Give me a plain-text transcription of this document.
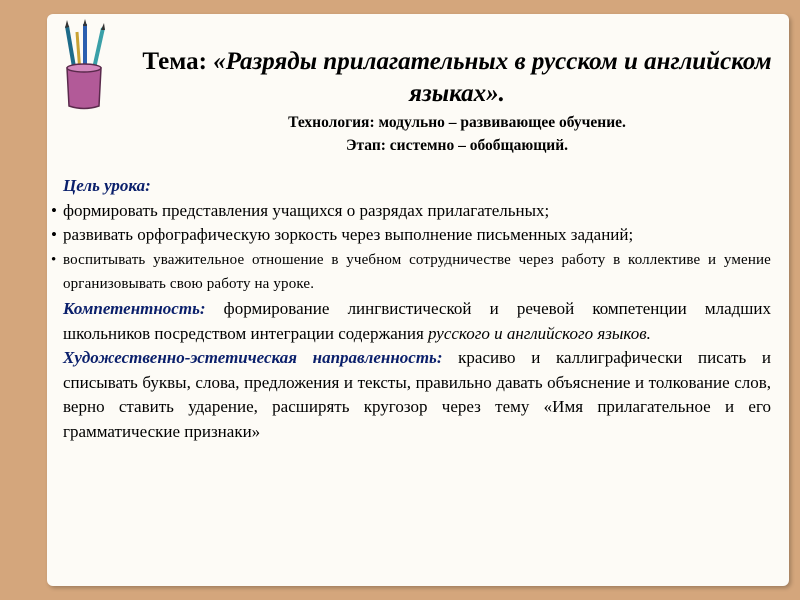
Тема: «Разряды прилагательных в русском и английском языках».

Технология: модульно – развивающее обучение.
Этап: системно – обобщающий.
Цель урока:
• формировать представления учащихся о разрядах прилагательных;
• развивать орфографическую зоркость через выполнение письменных заданий;
• воспитывать уважительное отношение в учебном сотрудничестве через работу в коллективе и умение организовывать свою работу на уроке.
Компетентность: формирование лингвистической и речевой компетенции младших школьников посредством интеграции содержания русского и английского языков.
Художественно-эстетическая направленность: красиво и каллиграфически писать и списывать буквы, слова, предложения и тексты, правильно давать объяснение и толкование слов, верно ставить ударение, расширять кругозор через тему «Имя прилагательное и его грамматические признаки»
